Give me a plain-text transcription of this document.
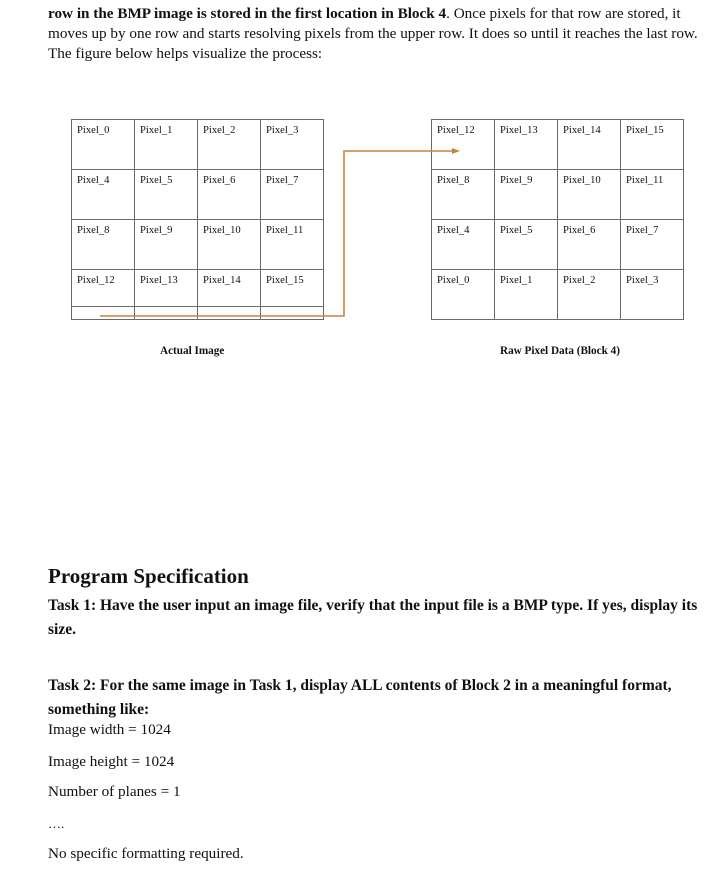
row in the BMP image is stored in the first location in Block 4. Once pixels for that row are stored, it moves up by one row and starts resolving pixels from the upper row. It does so until it reaches the last row. The figure below helps visualize the process:
Pixel_0	Pixel_1	Pixel_2	Pixel_3

Pixel_4	Pixel_5	Pixel_6	Pixel_7

Pixel_8	Pixel_9	Pixel_10	Pixel_11

Pixel_12	Pixel_13	Pixel_14	Pixel_15

Pixel_12	Pixel_13	Pixel_14	Pixel_15

Pixel_8	Pixel_9	Pixel_10	Pixel_11

Pixel_4	Pixel_5	Pixel_6	Pixel_7

Pixel_0	Pixel_1	Pixel_2	Pixel_3
Actual Image	Raw Pixel Data (Block 4)
Program Specification
Task 1: Have the user input an image file, verify that the input file is a BMP type. If yes, display its size.
Task 2: For the same image in Task 1, display ALL contents of Block 2 in a meaningful format, something like:
Image width = 1024
Image height = 1024
Number of planes = 1
….
No specific formatting required.
